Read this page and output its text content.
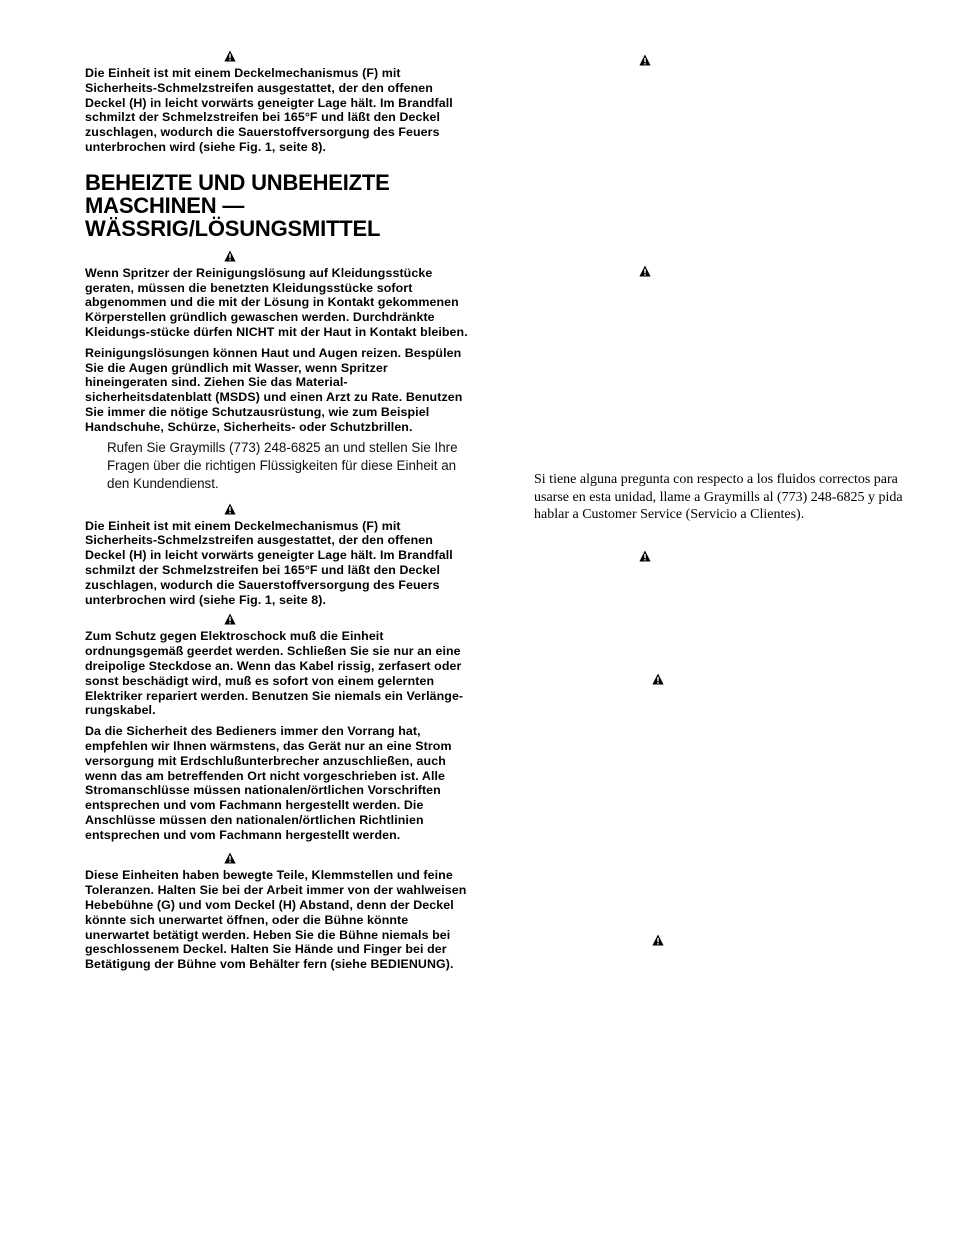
Die Einheit ist mit einem Deckelmechanismus (F) mit Sicherheits-Schmelzstreifen ausgestattet, der den offenen Deckel (H) in leicht vorwärts geneigter Lage hält. Im Brandfall schmilzt der Schmelzstreifen bei 165°F und läßt den Deckel zuschlagen, wodurch die Sauerstoffversorgung des Feuers unterbrochen wird (siehe Fig. 1, seite 8).

BEHEIZTE UND UNBEHEIZTE
MASCHINEN —
WÄSSRIG/LÖSUNGSMITTEL

Wenn Spritzer der Reinigungslösung auf Kleidungsstücke geraten, müssen die benetzten Kleidungsstücke sofort abgenommen und die mit der Lösung in Kontakt gekommenen Körperstellen gründlich gewaschen werden. Durchdränkte Kleidungs-stücke dürfen NICHT mit der Haut in Kontakt bleiben.

Reinigungslösungen können Haut und Augen reizen. Bespülen Sie die Augen gründlich mit Wasser, wenn Spritzer hineingeraten sind. Ziehen Sie das Material-sicherheitsdatenblatt (MSDS) und einen Arzt zu Rate. Benutzen Sie immer die nötige Schutzausrüstung, wie zum Beispiel Handschuhe, Schürze, Sicherheits- oder Schutzbrillen.

Rufen Sie Graymills (773) 248-6825 an und stellen Sie Ihre Fragen über die richtigen Flüssigkeiten für diese Einheit an den Kundendienst.

Die Einheit ist mit einem Deckelmechanismus (F) mit Sicherheits-Schmelzstreifen ausgestattet, der den offenen Deckel (H) in leicht vorwärts geneigter Lage hält. Im Brandfall schmilzt der Schmelzstreifen bei 165°F und läßt den Deckel zuschlagen, wodurch die Sauerstoffversorgung des Feuers unterbrochen wird (siehe Fig. 1, seite 8).

Zum Schutz gegen Elektroschock muß die Einheit ordnungsgemäß geerdet werden. Schließen Sie sie nur an eine dreipolige Steckdose an. Wenn das Kabel rissig, zerfasert oder sonst beschädigt wird, muß es sofort von einem gelernten Elektriker repariert werden. Benutzen Sie niemals ein Verlänge-rungskabel.

Da die Sicherheit des Bedieners immer den Vorrang hat, empfehlen wir Ihnen wärmstens, das Gerät nur an eine Strom versorgung mit Erdschlußunterbrecher anzuschließen, auch wenn das am betreffenden Ort nicht vorgeschrieben ist. Alle Stromanschlüsse müssen nationalen/örtlichen Vorschriften entsprechen und vom Fachmann hergestellt werden. Die Anschlüsse müssen den nationalen/örtlichen Richtlinien entsprechen und vom Fachmann hergestellt werden.

Diese Einheiten haben bewegte Teile, Klemmstellen und feine Toleranzen. Halten Sie bei der Arbeit immer von der wahlweisen Hebebühne (G) und vom Deckel (H) Abstand, denn der Deckel könnte sich unerwartet öffnen, oder die Bühne könnte unerwartet betätigt werden. Heben Sie die Bühne niemals bei geschlossenem Deckel. Halten Sie Hände und Finger bei der Betätigung der Bühne vom Behälter fern (siehe BEDIENUNG).

Si tiene alguna pregunta con respecto a los fluidos correctos para usarse en esta unidad, llame a Graymills al (773) 248-6825 y pida hablar a Customer Service (Servicio a Clientes).
